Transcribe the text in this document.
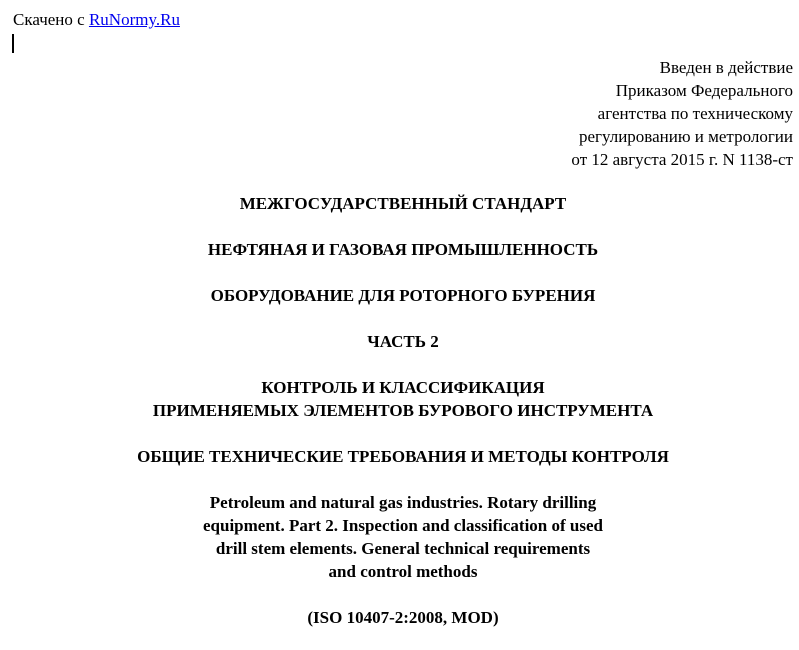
Скачено с RuNormy.Ru
Введен в действие
Приказом Федерального
агентства по техническому
регулированию и метрологии
от 12 августа 2015 г. N 1138-ст
МЕЖГОСУДАРСТВЕННЫЙ СТАНДАРТ
НЕФТЯНАЯ И ГАЗОВАЯ ПРОМЫШЛЕННОСТЬ
ОБОРУДОВАНИЕ ДЛЯ РОТОРНОГО БУРЕНИЯ
ЧАСТЬ 2
КОНТРОЛЬ И КЛАССИФИКАЦИЯ
ПРИМЕНЯЕМЫХ ЭЛЕМЕНТОВ БУРОВОГО ИНСТРУМЕНТА
ОБЩИЕ ТЕХНИЧЕСКИЕ ТРЕБОВАНИЯ И МЕТОДЫ КОНТРОЛЯ
Petroleum and natural gas industries. Rotary drilling
equipment. Part 2. Inspection and classification of used
drill stem elements. General technical requirements
and control methods
(ISO 10407-2:2008, MOD)
